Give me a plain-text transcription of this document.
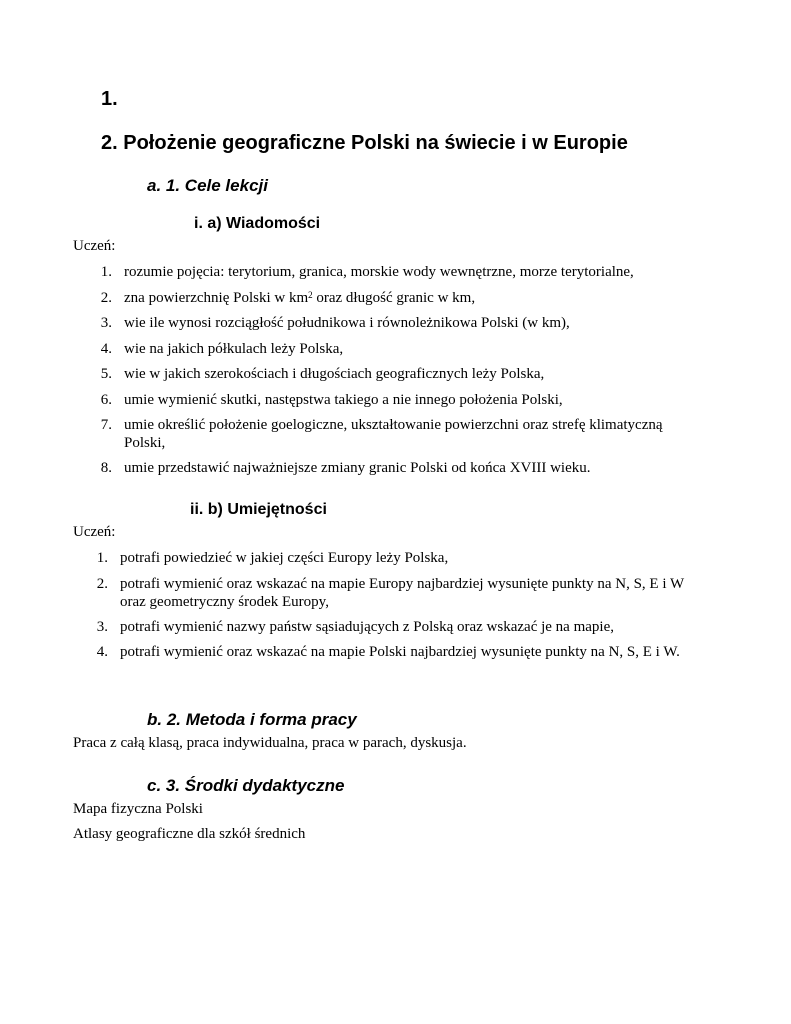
1.
2. Położenie geograficzne Polski na świecie i w Europie
a. 1. Cele lekcji
i. a) Wiadomości
Uczeń:
1. rozumie pojęcia: terytorium, granica, morskie wody wewnętrzne, morze terytorialne,
2. zna powierzchnię Polski w $km^2$ oraz długość granic w km,
3. wie ile wynosi rozciągłość południkowa i równoleżnikowa Polski (w km),
4. wie na jakich półkulach leży Polska,
5. wie w jakich szerokościach i długościach geograficznych leży Polska,
6. umie wymienić skutki, następstwa takiego a nie innego położenia Polski,
7. umie określić położenie goelogiczne, ukształtowanie powierzchni oraz strefę klimatyczną
Polski,
8. umie przedstawić najważniejsze zmiany granic Polski od końca XVIII wieku.
ii. b) Umiejętności
Uczeń:
1. potrafi powiedzieć w jakiej części Europy leży Polska,
2. potrafi wymienić oraz wskazać na mapie Europy najbardziej wysunięte punkty na N, S, E i W
oraz geometryczny środek Europy,
3. potrafi wymienić nazwy państw sąsiadujących z Polską oraz wskazać je na mapie,
4. potrafi wymienić oraz wskazać na mapie Polski najbardziej wysunięte punkty na N, S, E i W.
b. 2. Metoda i forma pracy
Praca z całą klasą, praca indywidualna, praca w parach, dyskusja.
c. 3. Środki dydaktyczne
Mapa fizyczna Polski
Atlasy geograficzne dla szkół średnich
